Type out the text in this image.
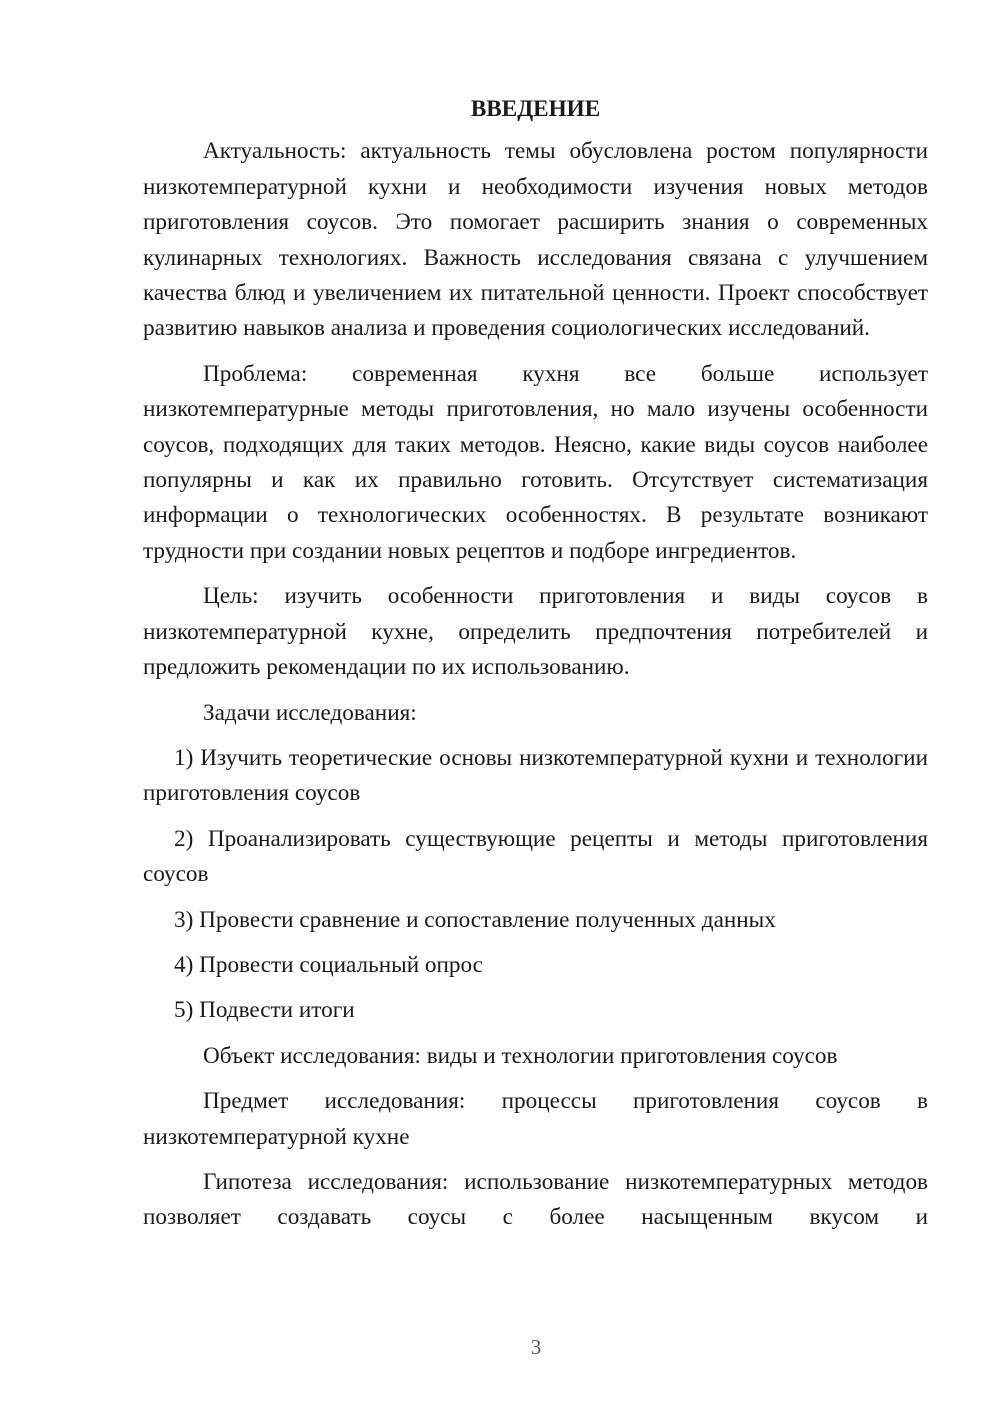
ВВЕДЕНИЕ

Актуальность: актуальность темы обусловлена ростом популярности низкотемпературной кухни и необходимости изучения новых методов приготовления соусов. Это помогает расширить знания о современных кулинарных технологиях. Важность исследования связана с улучшением качества блюд и увеличением их питательной ценности. Проект способствует развитию навыков анализа и проведения социологических исследований.

Проблема: современная кухня все больше использует низкотемпературные методы приготовления, но мало изучены особенности соусов, подходящих для таких методов. Неясно, какие виды соусов наиболее популярны и как их правильно готовить. Отсутствует систематизация информации о технологических особенностях. В результате возникают трудности при создании новых рецептов и подборе ингредиентов.

Цель: изучить особенности приготовления и виды соусов в низкотемпературной кухне, определить предпочтения потребителей и предложить рекомендации по их использованию.

Задачи исследования:

1) Изучить теоретические основы низкотемпературной кухни и технологии приготовления соусов

2) Проанализировать существующие рецепты и методы приготовления соусов

3) Провести сравнение и сопоставление полученных данных

4) Провести социальный опрос

5) Подвести итоги

Объект исследования: виды и технологии приготовления соусов

Предмет исследования: процессы приготовления соусов в низкотемпературной кухне

Гипотеза исследования: использование низкотемпературных методов позволяет создавать соусы с более насыщенным вкусом и

3
